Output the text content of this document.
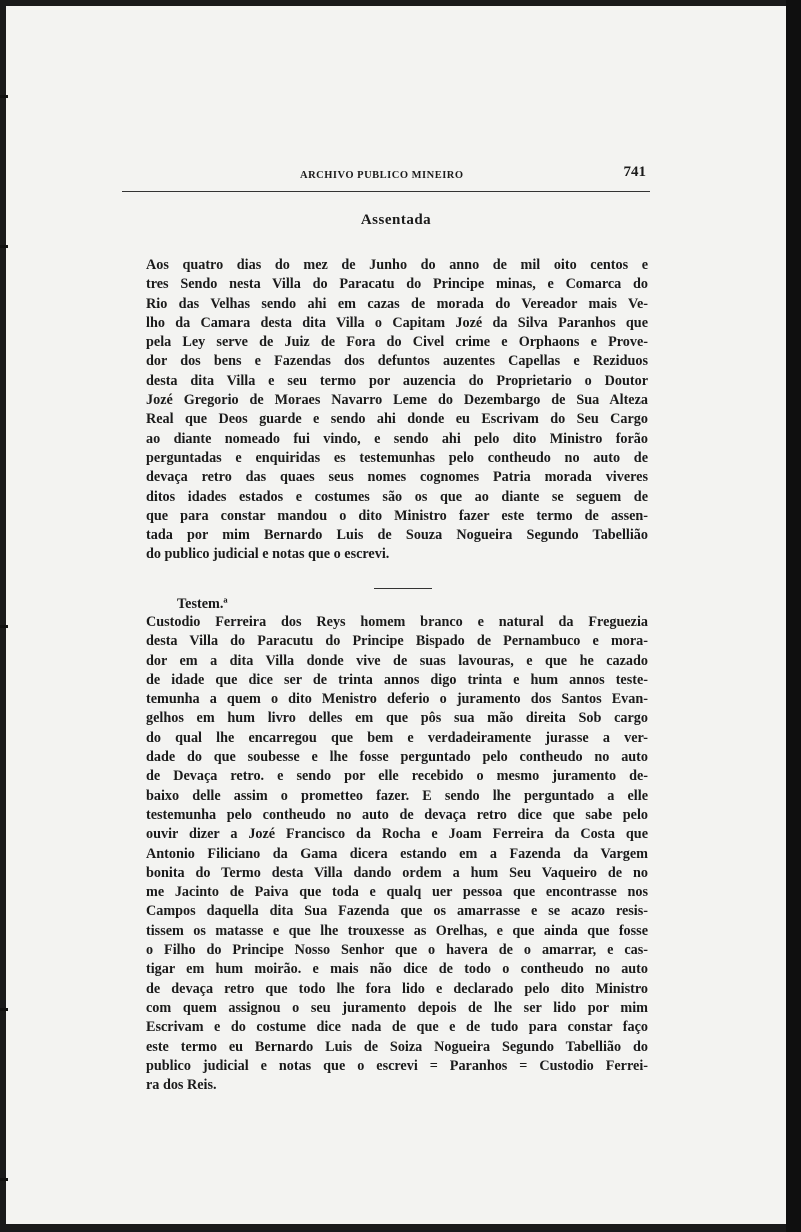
ARCHIVO PUBLICO MINEIRO	741
Assentada
Aos quatro dias do mez de Junho do anno de mil oito centos e
tres Sendo nesta Villa do Paracatu do Principe minas, e Comarca do
Rio das Velhas sendo ahi em cazas de morada do Vereador mais Ve-
lho da Camara desta dita Villa o Capitam Jozé da Silva Paranhos que
pela Ley serve de Juiz de Fora do Civel crime e Orphaons e Prove-
dor dos bens e Fazendas dos defuntos auzentes Capellas e Reziduos
desta dita Villa e seu termo por auzencia do Proprietario o Doutor
Jozé Gregorio de Moraes Navarro Leme do Dezembargo de Sua Alteza
Real que Deos guarde e sendo ahi donde eu Escrivam do Seu Cargo
ao diante nomeado fui vindo, e sendo ahi pelo dito Ministro forão
perguntadas e enquiridas es testemunhas pelo contheudo no auto de
devaça retro das quaes seus nomes cognomes Patria morada viveres
ditos idades estados e costumes são os que ao diante se seguem de
que para constar mandou o dito Ministro fazer este termo de assen-
tada por mim Bernardo Luis de Souza Nogueira Segundo Tabellião
do publico judicial e notas que o escrevi.
Testem.ª
Custodio Ferreira dos Reys homem branco e natural da Freguezia
desta Villa do Paracutu do Principe Bispado de Pernambuco e mora-
dor em a dita Villa donde vive de suas lavouras, e que he cazado
de idade que dice ser de trinta annos digo trinta e hum annos teste-
temunha a quem o dito Menistro deferio o juramento dos Santos Evan-
gelhos em hum livro delles em que pôs sua mão direita Sob cargo
do qual lhe encarregou que bem e verdadeiramente jurasse a ver-
dade do que soubesse e lhe fosse perguntado pelo contheudo no auto
de Devaça retro. e sendo por elle recebido o mesmo juramento de-
baixo delle assim o prometteo fazer. E sendo lhe perguntado a elle
testemunha pelo contheudo no auto de devaça retro dice que sabe pelo
ouvir dizer a Jozé Francisco da Rocha e Joam Ferreira da Costa que
Antonio Filiciano da Gama dicera estando em a Fazenda da Vargem
bonita do Termo desta Villa dando ordem a hum Seu Vaqueiro de no
me Jacinto de Paiva que toda e qualq uer pessoa que encontrasse nos
Campos daquella dita Sua Fazenda que os amarrasse e se acazo resis-
tissem os matasse e que lhe trouxesse as Orelhas, e que ainda que fosse
o Filho do Principe Nosso Senhor que o havera de o amarrar, e cas-
tigar em hum moirão. e mais não dice de todo o contheudo no auto
de devaça retro que todo lhe fora lido e declarado pelo dito Ministro
com quem assignou o seu juramento depois de lhe ser lido por mim
Escrivam e do costume dice nada de que e de tudo para constar faço
este termo eu Bernardo Luis de Soiza Nogueira Segundo Tabellião do
publico judicial e notas que o escrevi = Paranhos = Custodio Ferrei-
ra dos Reis.
